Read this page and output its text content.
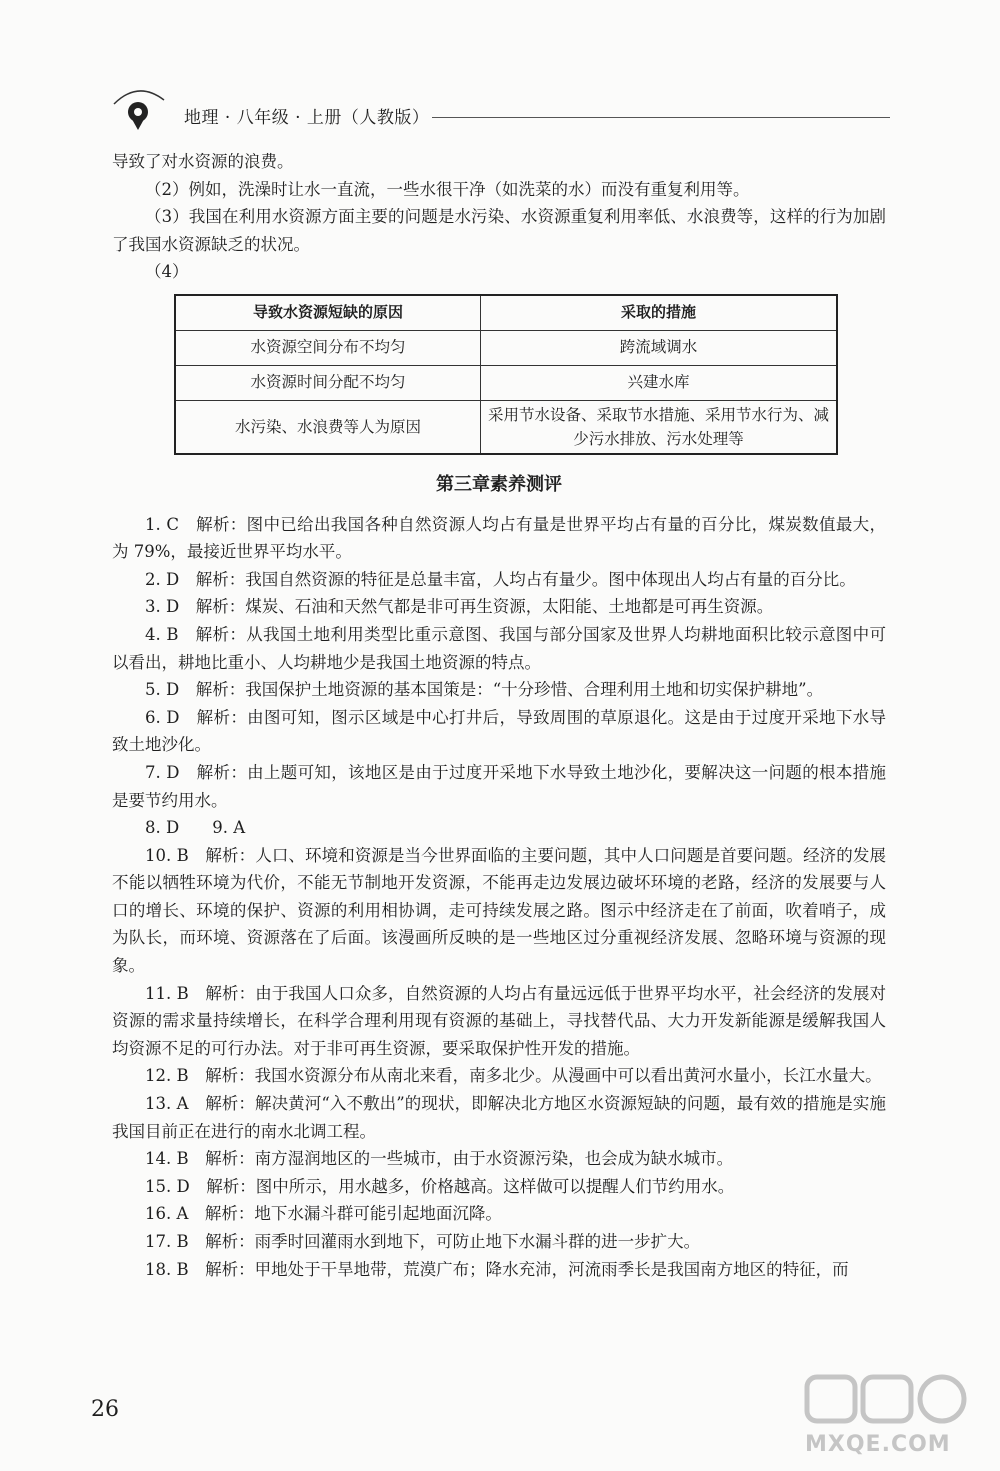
地理 · 八年级 · 上册（人教版）

导致了对水资源的浪费。

（2）例如，洗澡时让水一直流，一些水很干净（如洗菜的水）而没有重复利用等。

（3）我国在利用水资源方面主要的问题是水污染、水资源重复利用率低、水浪费等，这样的行为加剧了我国水资源缺乏的状况。

（4）

导致水资源短缺的原因	采取的措施
水资源空间分布不均匀	跨流域调水
水资源时间分配不均匀	兴建水库
水污染、水浪费等人为原因	采用节水设备、采取节水措施、采用节水行为、减少污水排放、污水处理等
第三章素养测评

1. C　解析：图中已给出我国各种自然资源人均占有量是世界平均占有量的百分比，煤炭数值最大，为 79%，最接近世界平均水平。

2. D　解析：我国自然资源的特征是总量丰富，人均占有量少。图中体现出人均占有量的百分比。

3. D　解析：煤炭、石油和天然气都是非可再生资源，太阳能、土地都是可再生资源。

4. B　解析：从我国土地利用类型比重示意图、我国与部分国家及世界人均耕地面积比较示意图中可以看出，耕地比重小、人均耕地少是我国土地资源的特点。

5. D　解析：我国保护土地资源的基本国策是：“十分珍惜、合理利用土地和切实保护耕地”。

6. D　解析：由图可知，图示区域是中心打井后，导致周围的草原退化。这是由于过度开采地下水导致土地沙化。

7. D　解析：由上题可知，该地区是由于过度开采地下水导致土地沙化，要解决这一问题的根本措施是要节约用水。

8. D　　9. A

10. B　解析：人口、环境和资源是当今世界面临的主要问题，其中人口问题是首要问题。经济的发展不能以牺牲环境为代价，不能无节制地开发资源，不能再走边发展边破坏环境的老路，经济的发展要与人口的增长、环境的保护、资源的利用相协调，走可持续发展之路。图示中经济走在了前面，吹着哨子，成为队长，而环境、资源落在了后面。该漫画所反映的是一些地区过分重视经济发展、忽略环境与资源的现象。

11. B　解析：由于我国人口众多，自然资源的人均占有量远远低于世界平均水平，社会经济的发展对资源的需求量持续增长，在科学合理利用现有资源的基础上，寻找替代品、大力开发新能源是缓解我国人均资源不足的可行办法。对于非可再生资源，要采取保护性开发的措施。

12. B　解析：我国水资源分布从南北来看，南多北少。从漫画中可以看出黄河水量小，长江水量大。

13. A　解析：解决黄河“入不敷出”的现状，即解决北方地区水资源短缺的问题，最有效的措施是实施我国目前正在进行的南水北调工程。

14. B　解析：南方湿润地区的一些城市，由于水资源污染，也会成为缺水城市。

15. D　解析：图中所示，用水越多，价格越高。这样做可以提醒人们节约用水。

16. A　解析：地下水漏斗群可能引起地面沉降。

17. B　解析：雨季时回灌雨水到地下，可防止地下水漏斗群的进一步扩大。

18. B　解析：甲地处于干旱地带，荒漠广布；降水充沛，河流雨季长是我国南方地区的特征，而

26
MXQE.COM
